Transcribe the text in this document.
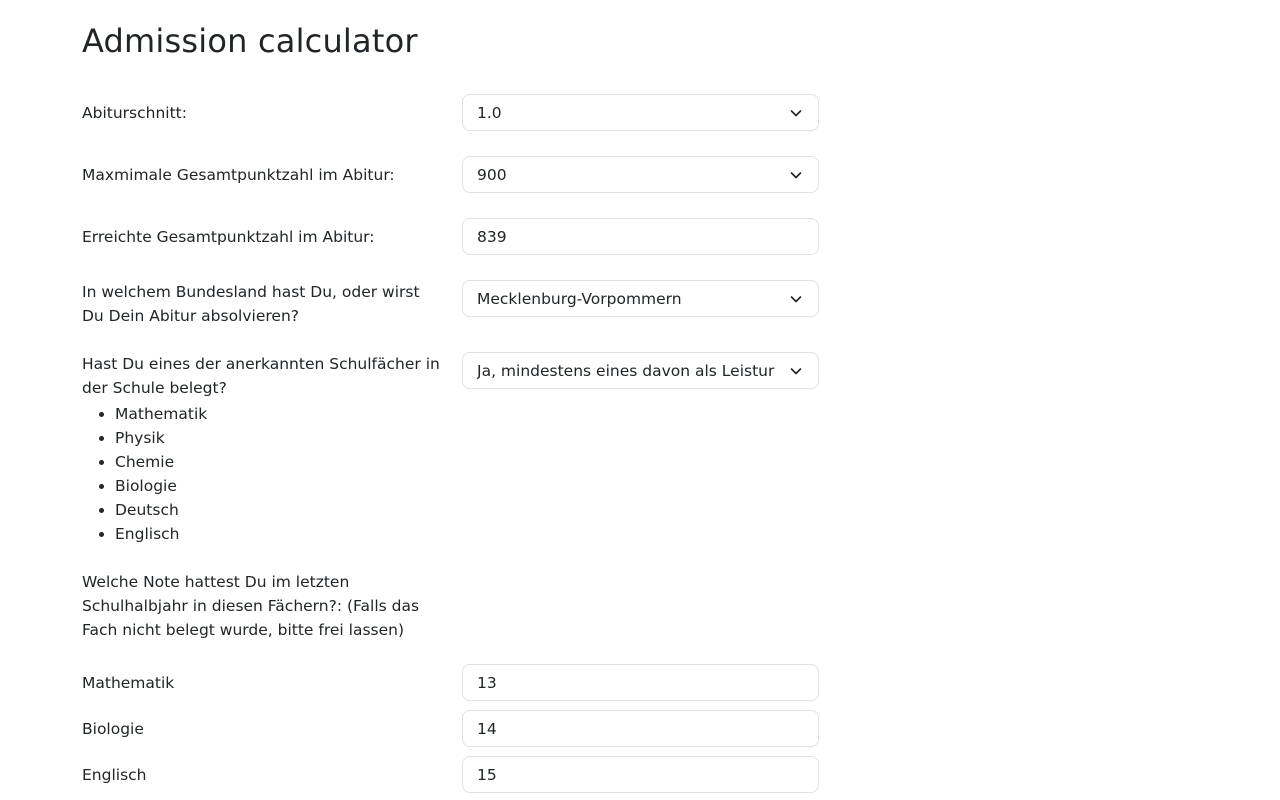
Admission calculator
Abiturschnitt:	1.0
Maxmimale Gesamtpunktzahl im Abitur:	900
Erreichte Gesamtpunktzahl im Abitur:
839
In welchem Bundesland hast Du, oder wirst Du Dein Abitur absolvieren?
Mecklenburg-Vorpommern
Hast Du eines der anerkannten Schulfächer in der Schule belegt?
• Mathematik
• Physik
• Chemie
• Biologie
• Deutsch
• Englisch
Ja, mindestens eines davon als Leistur

Welche Note hattest Du im letzten Schulhalbjahr in diesen Fächern?: (Falls das Fach nicht belegt wurde, bitte frei lassen)

Mathematik
13
Biologie
14
Englisch
15
